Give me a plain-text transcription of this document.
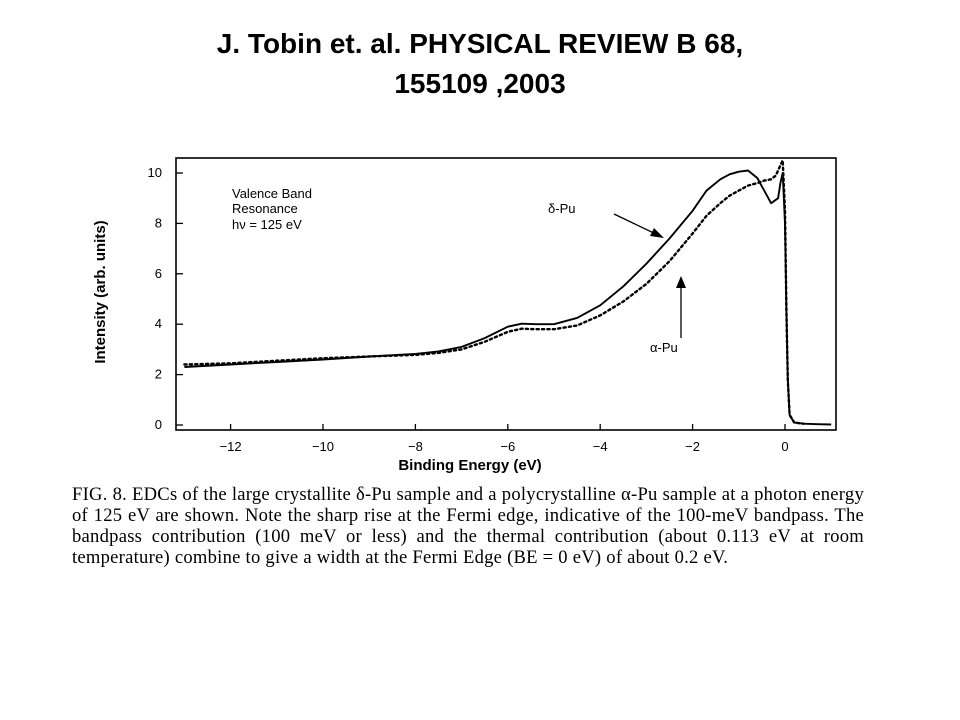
J. Tobin et. al. PHYSICAL REVIEW B 68,
155109 ,2003
−12	−10	−8	−6	−4	−2	0
0
2
4
6
8
10
Binding Energy (eV)
Intensity (arb. units)
Valence Band
Resonance
hν = 125 eV
δ-Pu
α-Pu

FIG. 8. EDCs of the large crystallite δ-Pu sample and a polycrystalline α-Pu sample at a photon energy of 125 eV are shown. Note the sharp rise at the Fermi edge, indicative of the 100-meV bandpass. The bandpass contribution (100 meV or less) and the thermal contribution (about 0.113 eV at room temperature) combine to give a width at the Fermi Edge (BE = 0 eV) of about 0.2 eV.
